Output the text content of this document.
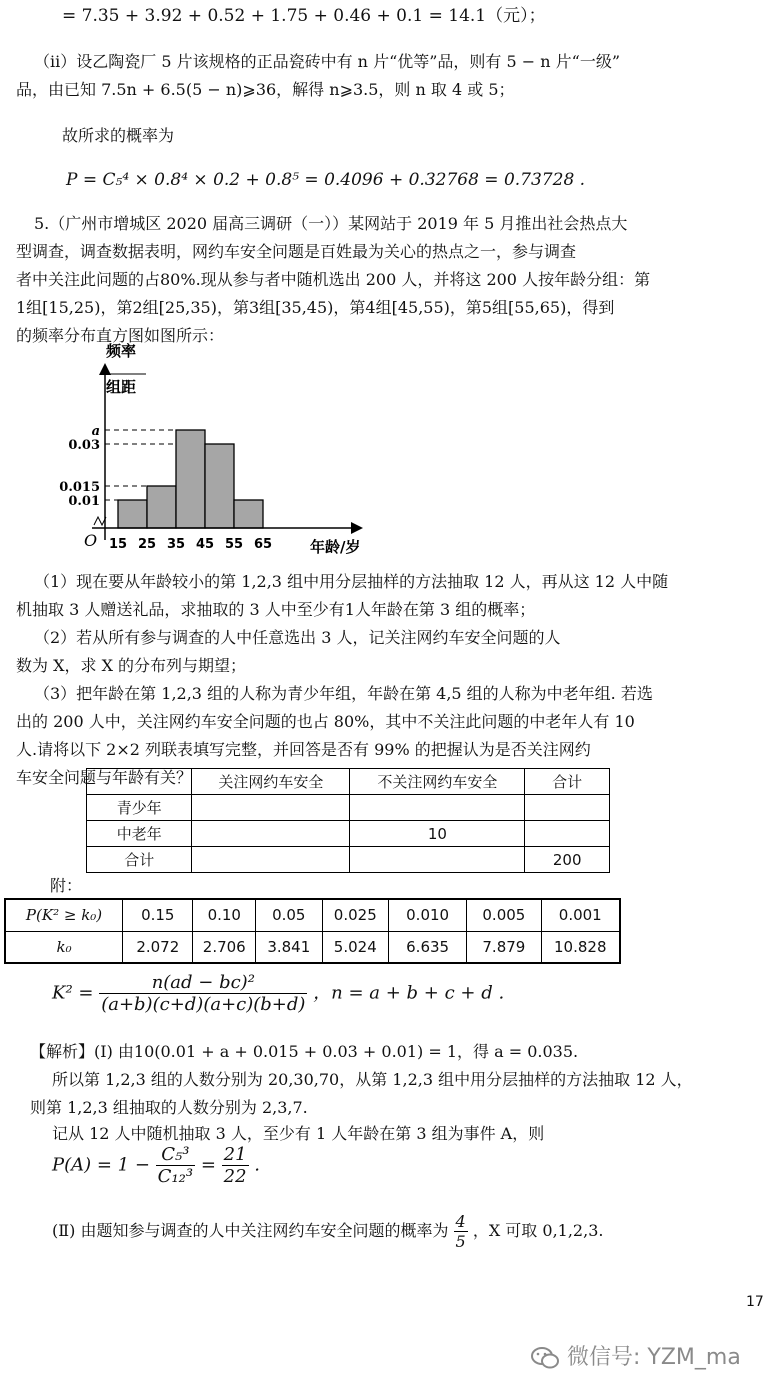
= 7.35 + 3.92 + 0.52 + 1.75 + 0.46 + 0.1 = 14.1（元）；
（ⅱ）设乙陶瓷厂 5 片该规格的正品瓷砖中有 n 片“优等”品，则有 5 − n 片“一级”
品，由已知 7.5n + 6.5(5 − n)⩾36，解得 n⩾3.5，则 n 取 4 或 5；
故所求的概率为
P = C₅⁴ × 0.8⁴ × 0.2 + 0.8⁵ = 0.4096 + 0.32768 = 0.73728 .
5.（广州市增城区 2020 届高三调研（一））某网站于 2019 年 5 月推出社会热点大
型调查，调查数据表明，网约车安全问题是百姓最为关心的热点之一，参与调查
者中关注此问题的占80%.现从参与者中随机选出 200 人，并将这 200 人按年龄分组：第
1组[15,25)，第2组[25,35)，第3组[35,45)，第4组[45,55)，第5组[55,65)，得到
的频率分布直方图如图所示：
频率
组距
O	年龄/岁
0.01
0.015
0.03
a
15 25 35 45 55 65
（1）现在要从年龄较小的第 1,2,3 组中用分层抽样的方法抽取 12 人，再从这 12 人中随
机抽取 3 人赠送礼品，求抽取的 3 人中至少有1人年龄在第 3 组的概率；
（2）若从所有参与调查的人中任意选出 3 人，记关注网约车安全问题的人
数为 X，求 X 的分布列与期望；
（3）把年龄在第 1,2,3 组的人称为青少年组，年龄在第 4,5 组的人称为中老年组. 若选
出的 200 人中，关注网约车安全问题的也占 80%，其中不关注此问题的中老年人有 10
人.请将以下 2×2 列联表填写完整，并回答是否有 99% 的把握认为是否关注网约
车安全问题与年龄有关？
	关注网约车安全	不关注网约车安全	合计
青少年			
中老年		10	
合计			200
附：
P(K² ≥ k₀)	0.15	0.10	0.05	0.025	0.010	0.005	0.001
k₀	2.072	2.706	3.841	5.024	6.635	7.879	10.828
$K^2 = \frac{\text{n(ad − bc)²}}{(a+b)(c+d)(a+c)(b+d)}$ ，n = a + b + c + d .
【解析】(Ⅰ) 由10(0.01 + a + 0.015 + 0.03 + 0.01) = 1，得 a = 0.035.
所以第 1,2,3 组的人数分别为 20,30,70，从第 1,2,3 组中用分层抽样的方法抽取 12 人，
则第 1,2,3 组抽取的人数分别为 2,3,7.
记从 12 人中随机抽取 3 人，至少有 1 人年龄在第 3 组为事件 A，则
$P(A) = 1 - \frac{\text{C₅³}}{\text{C₁₂³}} = \frac{21}{22}$ .
(Ⅱ) 由题知参与调查的人中关注网约车安全问题的概率为 $\frac{4}{5}$ ，X 可取 0,1,2,3.
17
微信号: YZM_ma
